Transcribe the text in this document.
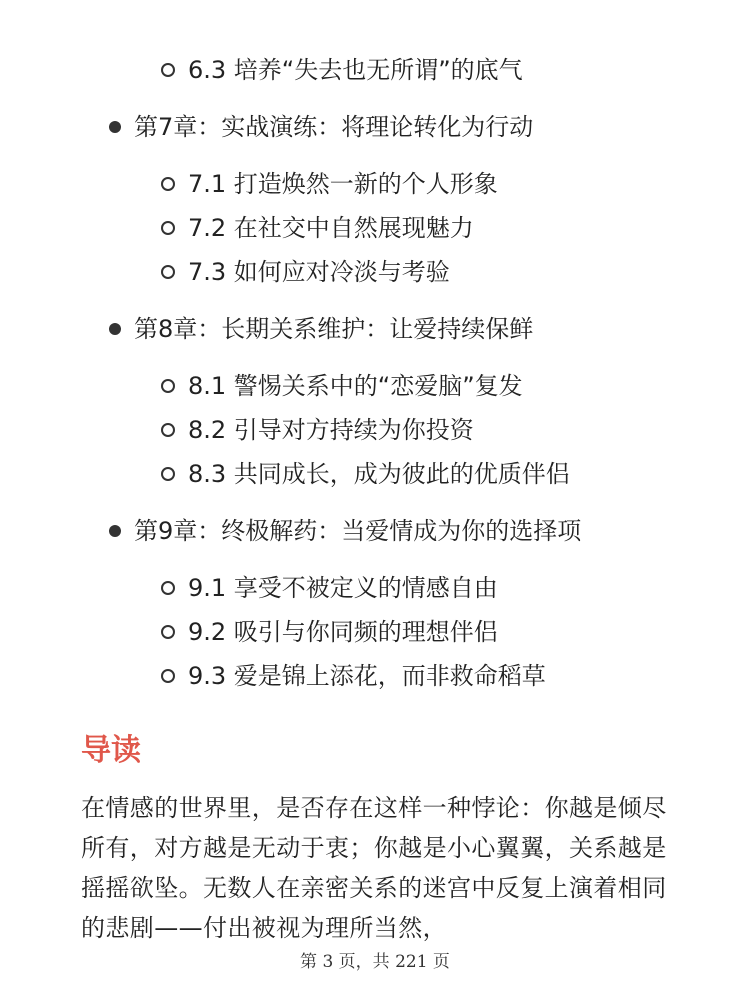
6.3 培养“失去也无所谓”的底气
第7章：实战演练：将理论转化为行动
7.1 打造焕然一新的个人形象
7.2 在社交中自然展现魅力
7.3 如何应对冷淡与考验
第8章：长期关系维护：让爱持续保鲜
8.1 警惕关系中的“恋爱脑”复发
8.2 引导对方持续为你投资
8.3 共同成长，成为彼此的优质伴侣
第9章：终极解药：当爱情成为你的选择项
9.1 享受不被定义的情感自由
9.2 吸引与你同频的理想伴侣
9.3 爱是锦上添花，而非救命稻草
导读

在情感的世界里，是否存在这样一种悖论：你越是倾尽所有，对方越是无动于衷；你越是小心翼翼，关系越是摇摇欲坠。无数人在亲密关系的迷宫中反复上演着相同的悲剧——付出被视为理所当然，

第 3 页，共 221 页
